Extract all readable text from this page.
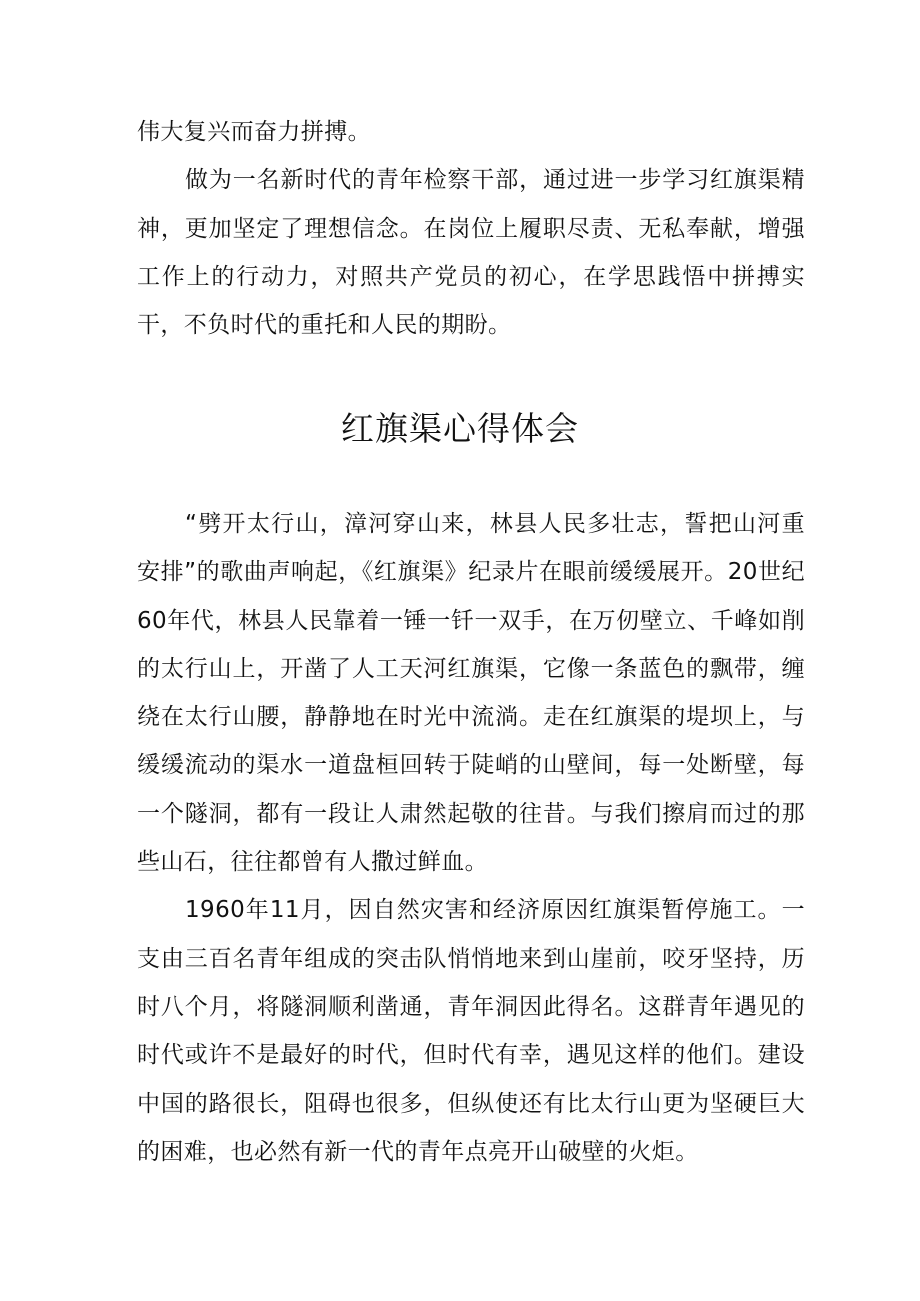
伟大复兴而奋力拼搏。

做为一名新时代的青年检察干部，通过进一步学习红旗渠精神，更加坚定了理想信念。在岗位上履职尽责、无私奉献，增强工作上的行动力，对照共产党员的初心，在学思践悟中拼搏实干，不负时代的重托和人民的期盼。

红旗渠心得体会

“劈开太行山，漳河穿山来，林县人民多壮志，誓把山河重安排”的歌曲声响起，《红旗渠》纪录片在眼前缓缓展开。20世纪60年代，林县人民靠着一锤一钎一双手，在万仞壁立、千峰如削的太行山上，开凿了人工天河红旗渠，它像一条蓝色的飘带，缠绕在太行山腰，静静地在时光中流淌。走在红旗渠的堤坝上，与缓缓流动的渠水一道盘桓回转于陡峭的山壁间，每一处断壁，每一个隧洞，都有一段让人肃然起敬的往昔。与我们擦肩而过的那些山石，往往都曾有人撒过鲜血。

1960年11月，因自然灾害和经济原因红旗渠暂停施工。一支由三百名青年组成的突击队悄悄地来到山崖前，咬牙坚持，历时八个月，将隧洞顺利凿通，青年洞因此得名。这群青年遇见的时代或许不是最好的时代，但时代有幸，遇见这样的他们。建设中国的路很长，阻碍也很多，但纵使还有比太行山更为坚硬巨大的困难，也必然有新一代的青年点亮开山破壁的火炬。
